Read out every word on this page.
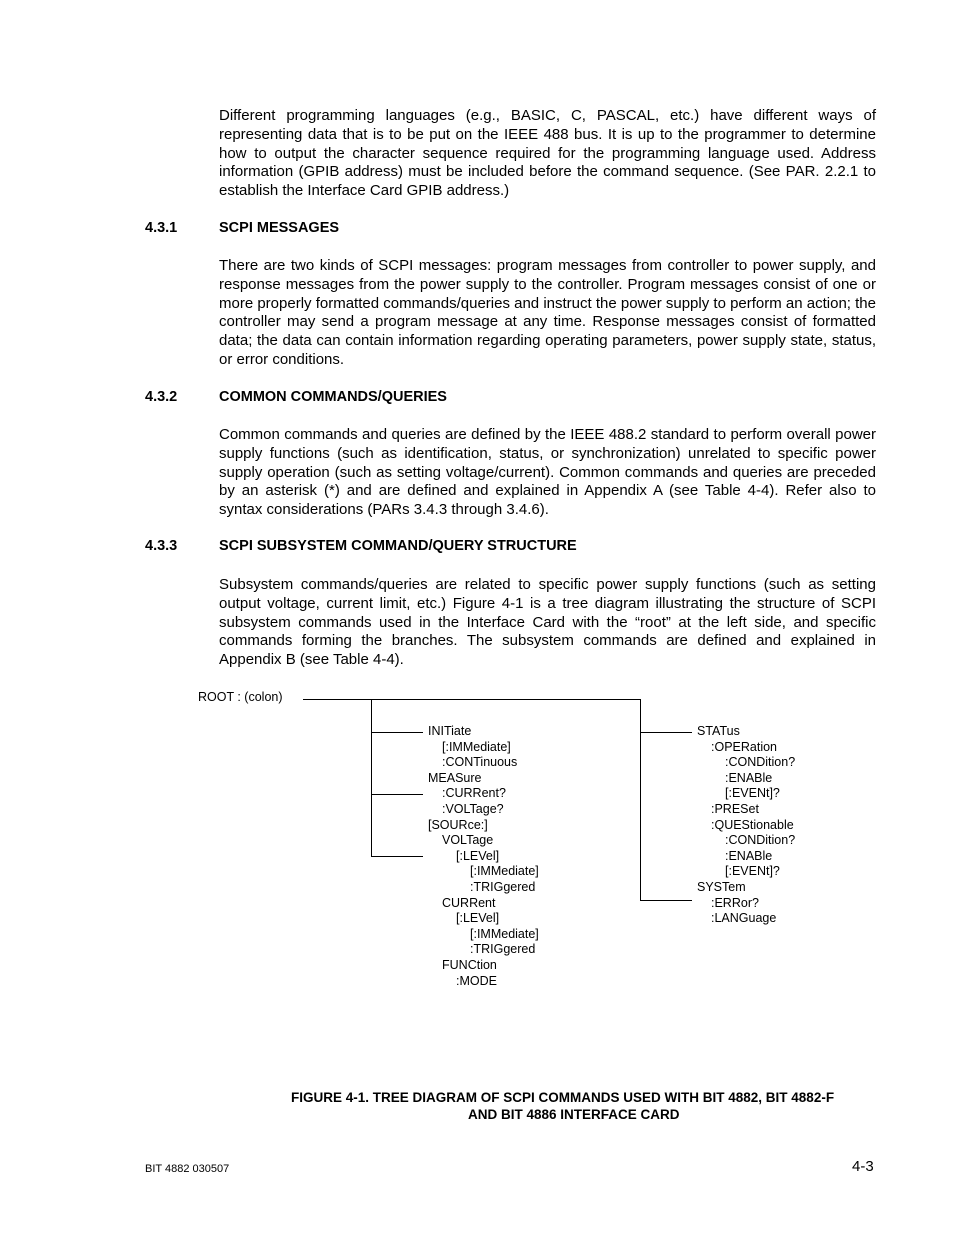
Different programming languages (e.g., BASIC, C, PASCAL, etc.) have different ways of representing data that is to be put on the IEEE 488 bus. It is up to the programmer to determine how to output the character sequence required for the programming language used. Address information (GPIB address) must be included before the command sequence. (See PAR. 2.2.1 to establish the Interface Card GPIB address.)

4.3.1	SCPI MESSAGES

There are two kinds of SCPI messages: program messages from controller to power supply, and response messages from the power supply to the controller. Program messages consist of one or more properly formatted commands/queries and instruct the power supply to perform an action; the controller may send a program message at any time. Response messages consist of formatted data; the data can contain information regarding operating parameters, power supply state, status, or error conditions.

4.3.2	COMMON COMMANDS/QUERIES

Common commands and queries are defined by the IEEE 488.2 standard to perform overall power supply functions (such as identification, status, or synchronization) unrelated to specific power supply operation (such as setting voltage/current). Common commands and queries are preceded by an asterisk (*) and are defined and explained in Appendix A (see Table 4-4). Refer also to syntax considerations (PARs 3.4.3 through 3.4.6).

4.3.3	SCPI SUBSYSTEM COMMAND/QUERY STRUCTURE

Subsystem commands/queries are related to specific power supply functions (such as setting output voltage, current limit, etc.) Figure 4-1 is a tree diagram illustrating the structure of SCPI subsystem commands used in the Interface Card with the “root” at the left side, and specific commands forming the branches. The subsystem commands are defined and explained in Appendix B (see Table 4-4).

ROOT : (colon)
INITiate
[:IMMediate]
:CONTinuous
MEASure
:CURRent?
:VOLTage?
[SOURce:]
VOLTage
[:LEVel]
[:IMMediate]
:TRIGgered
CURRent
[:LEVel]
[:IMMediate]
:TRIGgered
FUNCtion
:MODE
STATus
:OPERation
:CONDition?
:ENABle
[:EVENt]?
:PRESet
:QUEStionable
:CONDition?
:ENABle
[:EVENt]?
SYSTem
:ERRor?
:LANGuage
FIGURE 4-1. TREE DIAGRAM OF SCPI COMMANDS USED WITH BIT 4882, BIT 4882-F
AND BIT 4886 INTERFACE CARD
BIT 4882 030507	4-3
